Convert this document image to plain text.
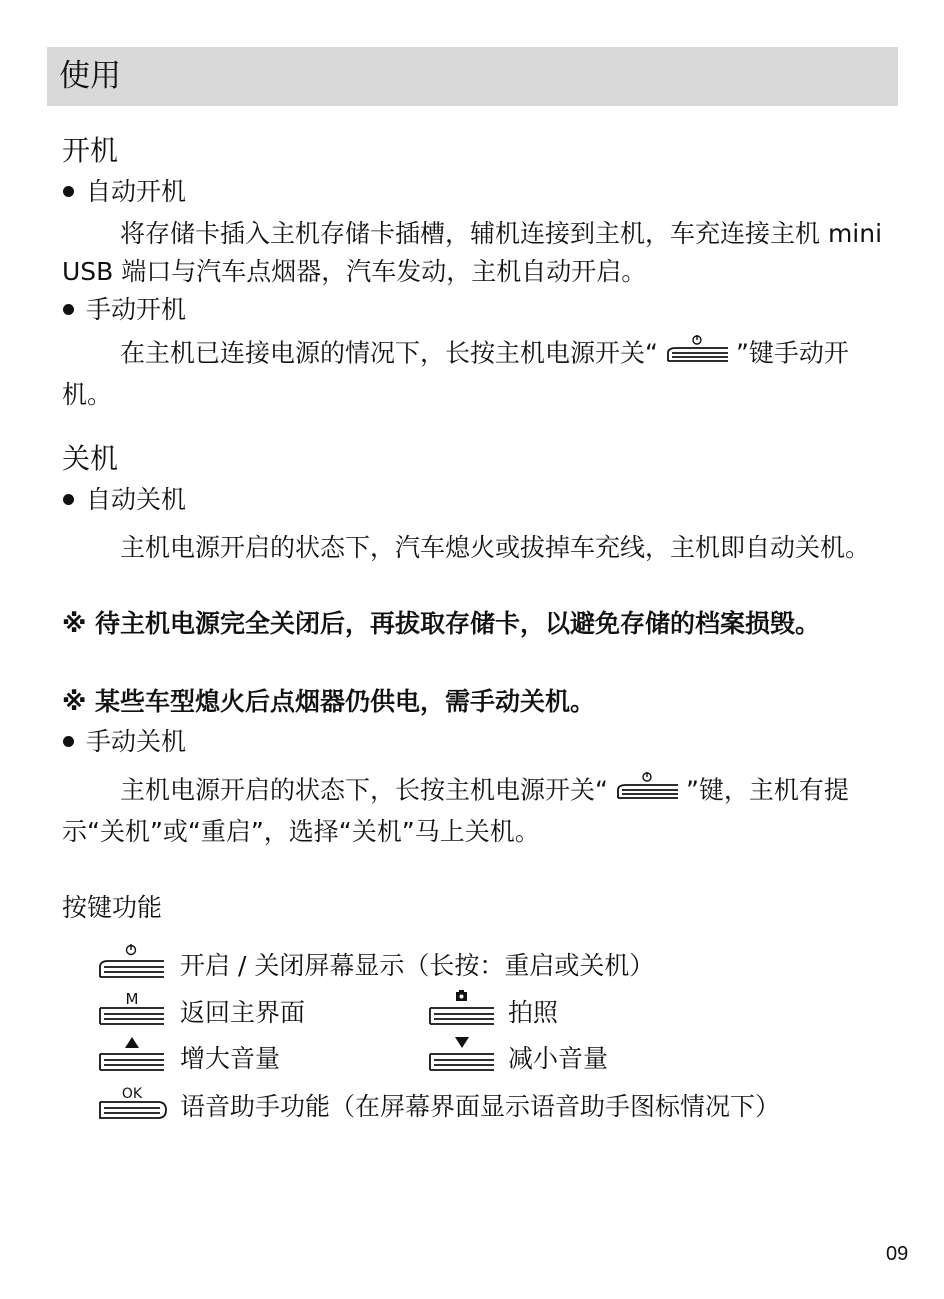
使用
开机
自动开机
将存储卡插入主机存储卡插槽，辅机连接到主机，车充连接主机 mini USB 端口与汽车点烟器，汽车发动，主机自动开启。
手动开机
在主机已连接电源的情况下，长按主机电源开关“	”键手动开机。
关机
自动关机
主机电源开启的状态下，汽车熄火或拔掉车充线，主机即自动关机。
※ 待主机电源完全关闭后，再拔取存储卡，以避免存储的档案损毁。
※ 某些车型熄火后点烟器仍供电，需手动关机。
手动关机
主机电源开启的状态下，长按主机电源开关“	”键，主机有提示“关机”或“重启”，选择“关机”马上关机。
按键功能
开启 / 关闭屏幕显示（长按：重启或关机）
M 返回主界面	拍照
增大音量	减小音量
OK 语音助手功能（在屏幕界面显示语音助手图标情况下）
09
